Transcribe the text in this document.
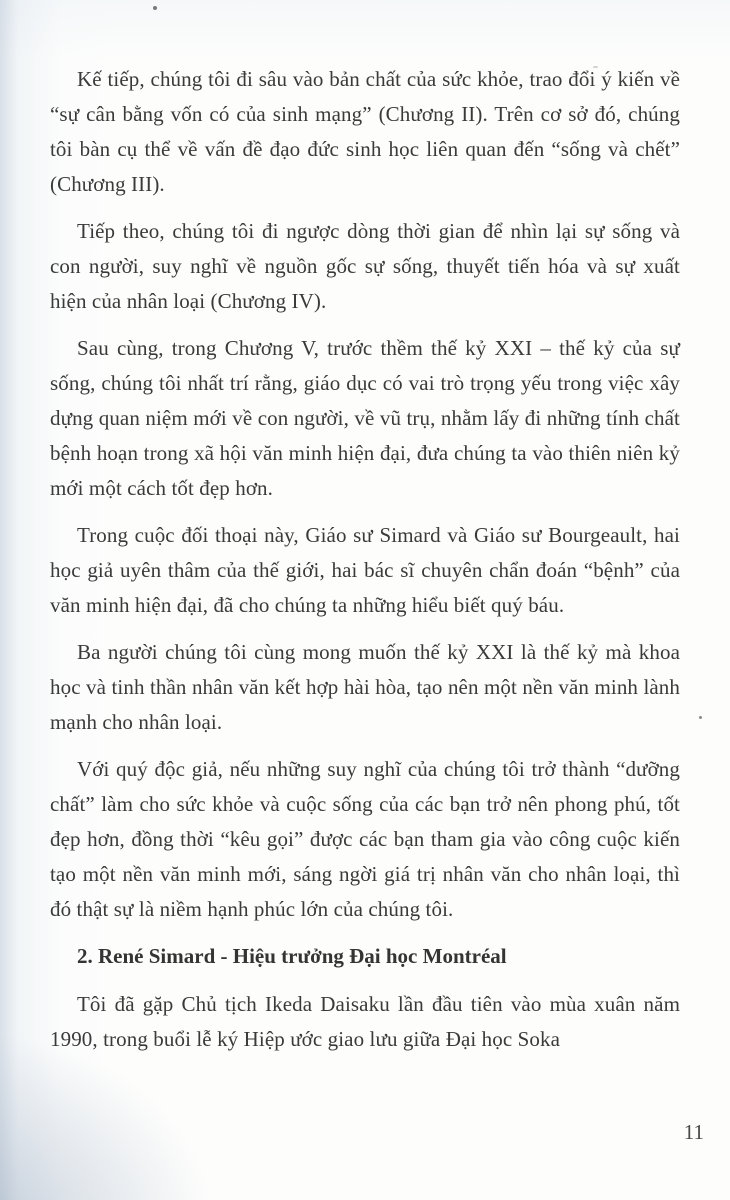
Kế tiếp, chúng tôi đi sâu vào bản chất của sức khỏe, trao đổi ý kiến về “sự cân bằng vốn có của sinh mạng” (Chương II). Trên cơ sở đó, chúng tôi bàn cụ thể về vấn đề đạo đức sinh học liên quan đến “sống và chết” (Chương III).

Tiếp theo, chúng tôi đi ngược dòng thời gian để nhìn lại sự sống và con người, suy nghĩ về nguồn gốc sự sống, thuyết tiến hóa và sự xuất hiện của nhân loại (Chương IV).

Sau cùng, trong Chương V, trước thềm thế kỷ XXI – thế kỷ của sự sống, chúng tôi nhất trí rằng, giáo dục có vai trò trọng yếu trong việc xây dựng quan niệm mới về con người, về vũ trụ, nhằm lấy đi những tính chất bệnh hoạn trong xã hội văn minh hiện đại, đưa chúng ta vào thiên niên kỷ mới một cách tốt đẹp hơn.

Trong cuộc đối thoại này, Giáo sư Simard và Giáo sư Bourgeault, hai học giả uyên thâm của thế giới, hai bác sĩ chuyên chẩn đoán “bệnh” của văn minh hiện đại, đã cho chúng ta những hiểu biết quý báu.

Ba người chúng tôi cùng mong muốn thế kỷ XXI là thế kỷ mà khoa học và tinh thần nhân văn kết hợp hài hòa, tạo nên một nền văn minh lành mạnh cho nhân loại.

Với quý độc giả, nếu những suy nghĩ của chúng tôi trở thành “dưỡng chất” làm cho sức khỏe và cuộc sống của các bạn trở nên phong phú, tốt đẹp hơn, đồng thời “kêu gọi” được các bạn tham gia vào công cuộc kiến tạo một nền văn minh mới, sáng ngời giá trị nhân văn cho nhân loại, thì đó thật sự là niềm hạnh phúc lớn của chúng tôi.

2. René Simard - Hiệu trưởng Đại học Montréal

Tôi đã gặp Chủ tịch Ikeda Daisaku lần đầu tiên vào mùa xuân năm 1990, trong buổi lễ ký Hiệp ước giao lưu giữa Đại học Soka

11
